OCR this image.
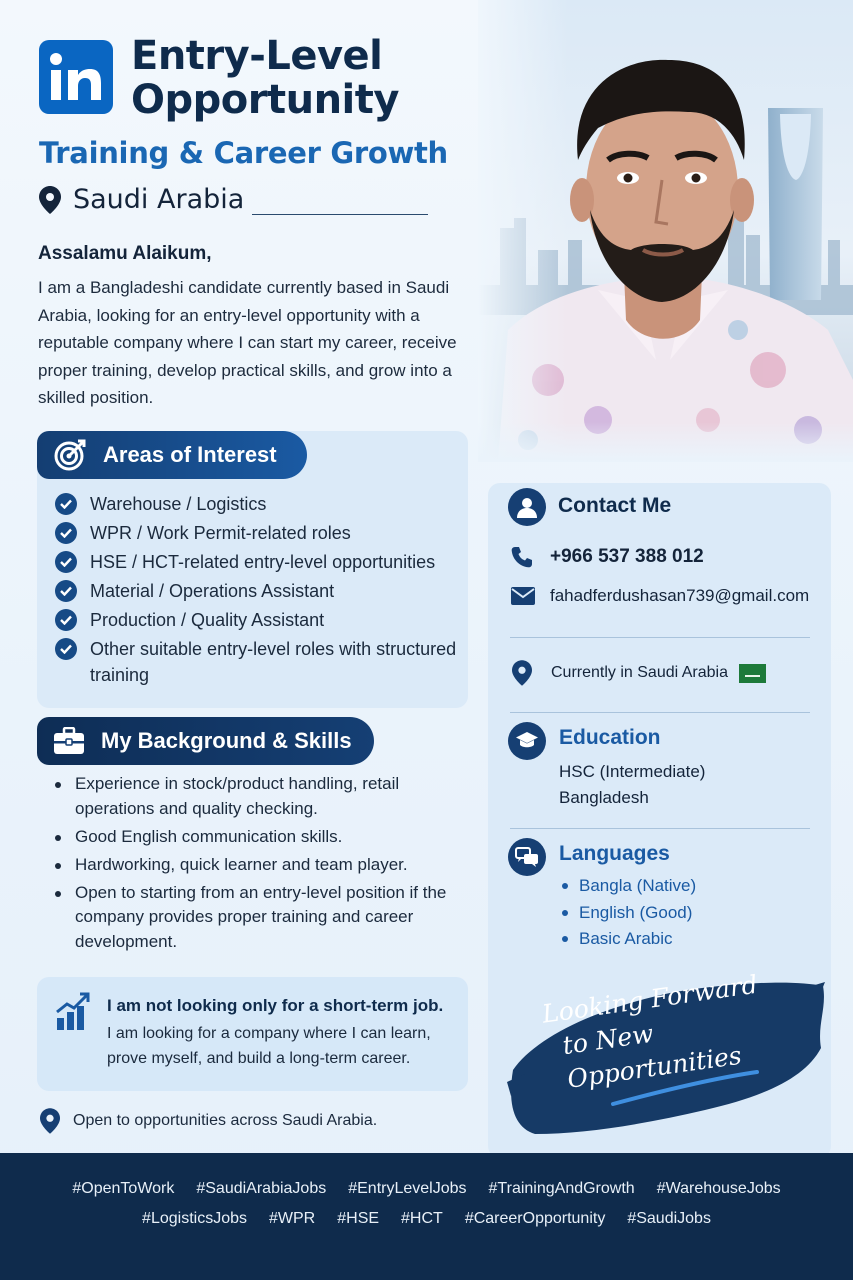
Entry-Level
Opportunity
Training & Career Growth
Saudi Arabia
Assalamu Alaikum,
I am a Bangladeshi candidate currently based in Saudi Arabia, looking for an entry-level opportunity with a reputable company where I can start my career, receive proper training, develop practical skills, and grow into a skilled position.
Areas of Interest
Warehouse / Logistics
WPR / Work Permit-related roles
HSE / HCT-related entry-level opportunities
Material / Operations Assistant
Production / Quality Assistant
Other suitable entry-level roles with structured training
My Background & Skills
Experience in stock/product handling, retail operations and quality checking.
Good English communication skills.
Hardworking, quick learner and team player.
Open to starting from an entry-level position if the company provides proper training and career development.
I am not looking only for a short-term job.
I am looking for a company where I can learn, prove myself, and build a long-term career.
Open to opportunities across Saudi Arabia.
Contact Me
+966 537 388 012
fahadferdushasan739@gmail.com
Currently in Saudi Arabia
Education
HSC (Intermediate)
Bangladesh
Languages
Bangla (Native)
English (Good)
Basic Arabic
Looking Forward
to New Opportunities
#OpenToWork #SaudiArabiaJobs #EntryLevelJobs #TrainingAndGrowth #WarehouseJobs
#LogisticsJobs #WPR #HSE #HCT #CareerOpportunity #SaudiJobs
